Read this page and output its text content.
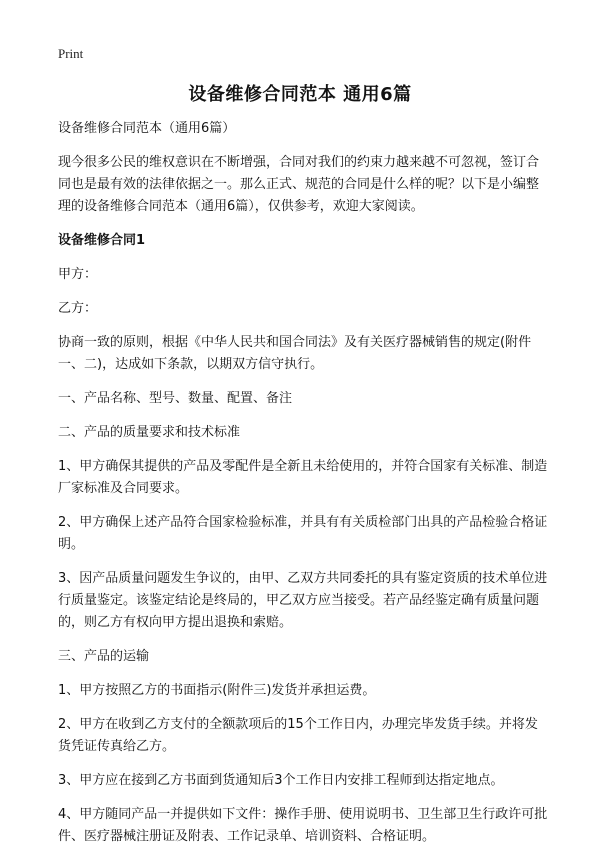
Print
设备维修合同范本 通用6篇

设备维修合同范本（通用6篇）

现今很多公民的维权意识在不断增强，合同对我们的约束力越来越不可忽视，签订合同也是最有效的法律依据之一。那么正式、规范的合同是什么样的呢？以下是小编整理的设备维修合同范本（通用6篇），仅供参考，欢迎大家阅读。

设备维修合同1

甲方：

乙方：

协商一致的原则，根据《中华人民共和国合同法》及有关医疗器械销售的规定(附件一、二)，达成如下条款，以期双方信守执行。

一、产品名称、型号、数量、配置、备注

二、产品的质量要求和技术标准

1、甲方确保其提供的产品及零配件是全新且未给使用的，并符合国家有关标准、制造厂家标准及合同要求。

2、甲方确保上述产品符合国家检验标准，并具有有关质检部门出具的产品检验合格证明。

3、因产品质量问题发生争议的，由甲、乙双方共同委托的具有鉴定资质的技术单位进行质量鉴定。该鉴定结论是终局的，甲乙双方应当接受。若产品经鉴定确有质量问题的，则乙方有权向甲方提出退换和索赔。

三、产品的运输

1、甲方按照乙方的书面指示(附件三)发货并承担运费。

2、甲方在收到乙方支付的全额款项后的15个工作日内，办理完毕发货手续。并将发货凭证传真给乙方。

3、甲方应在接到乙方书面到货通知后3个工作日内安排工程师到达指定地点。

4、甲方随同产品一并提供如下文件：操作手册、使用说明书、卫生部卫生行政许可批件、医疗器械注册证及附表、工作记录单、培训资料、合格证明。
